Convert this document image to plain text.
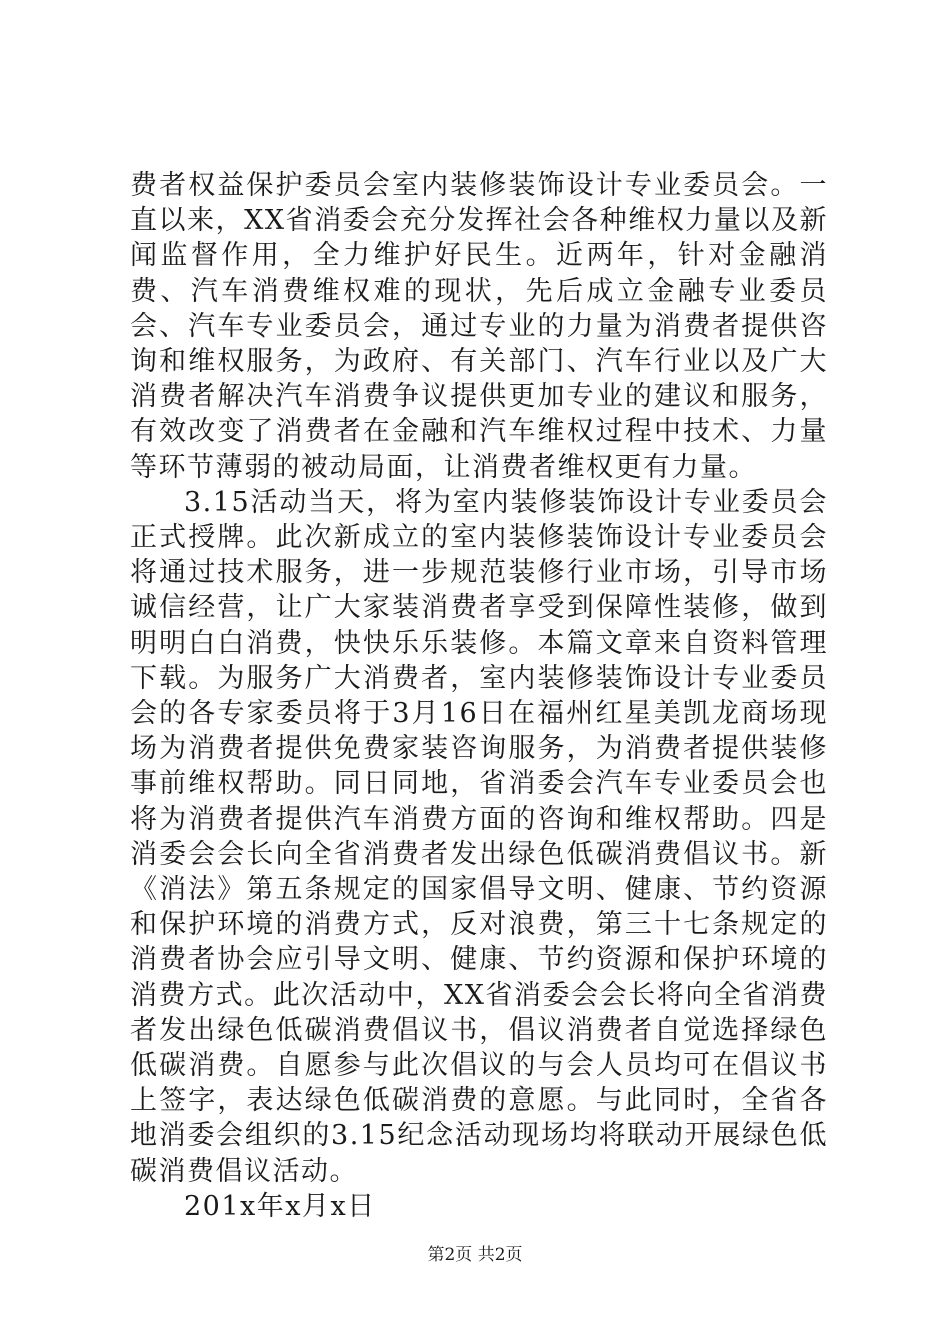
费者权益保护委员会室内装修装饰设计专业委员会。一直以来，XX省消委会充分发挥社会各种维权力量以及新闻监督作用，全力维护好民生。近两年，针对金融消费、汽车消费维权难的现状，先后成立金融专业委员会、汽车专业委员会，通过专业的力量为消费者提供咨询和维权服务，为政府、有关部门、汽车行业以及广大消费者解决汽车消费争议提供更加专业的建议和服务，有效改变了消费者在金融和汽车维权过程中技术、力量等环节薄弱的被动局面，让消费者维权更有力量。

3.15活动当天，将为室内装修装饰设计专业委员会正式授牌。此次新成立的室内装修装饰设计专业委员会将通过技术服务，进一步规范装修行业市场，引导市场诚信经营，让广大家装消费者享受到保障性装修，做到明明白白消费，快快乐乐装修。本篇文章来自资料管理下载。为服务广大消费者，室内装修装饰设计专业委员会的各专家委员将于3月16日在福州红星美凯龙商场现场为消费者提供免费家装咨询服务，为消费者提供装修事前维权帮助。同日同地，省消委会汽车专业委员会也将为消费者提供汽车消费方面的咨询和维权帮助。四是消委会会长向全省消费者发出绿色低碳消费倡议书。新《消法》第五条规定的国家倡导文明、健康、节约资源和保护环境的消费方式，反对浪费，第三十七条规定的消费者协会应引导文明、健康、节约资源和保护环境的消费方式。此次活动中，XX省消委会会长将向全省消费者发出绿色低碳消费倡议书，倡议消费者自觉选择绿色低碳消费。自愿参与此次倡议的与会人员均可在倡议书上签字，表达绿色低碳消费的意愿。与此同时，全省各地消委会组织的3.15纪念活动现场均将联动开展绿色低碳消费倡议活动。

201x年x月x日

第2页 共2页
